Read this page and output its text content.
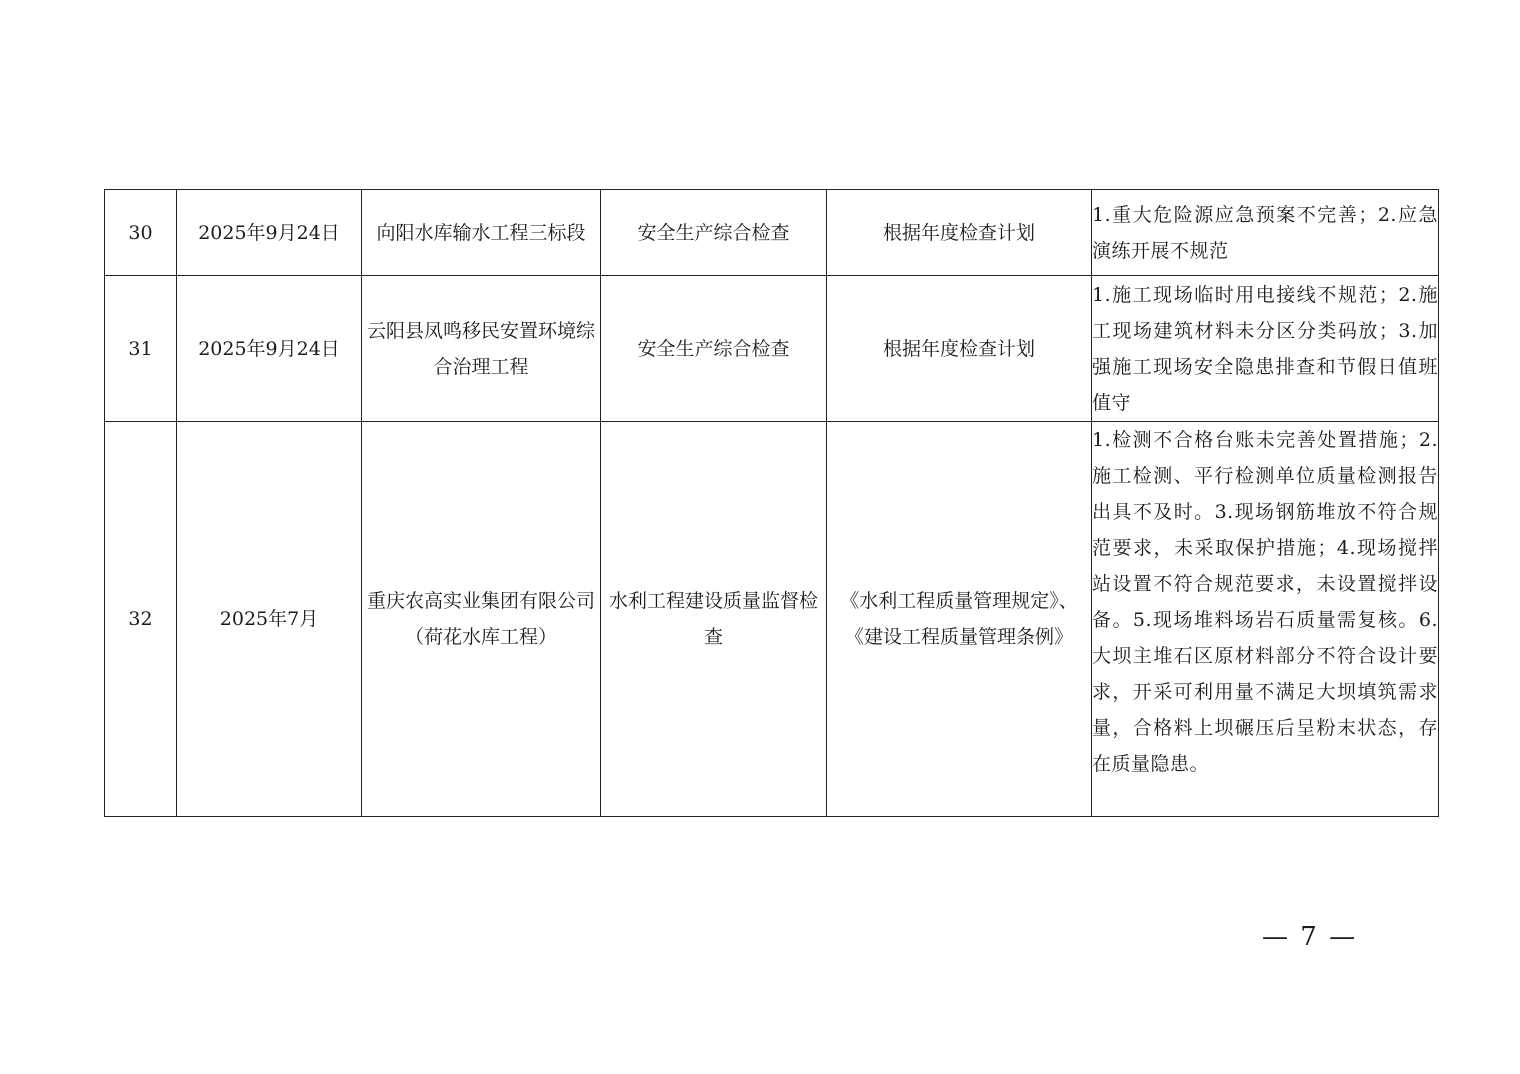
30	2025年9月24日	向阳水库输水工程三标段	安全生产综合检查	根据年度检查计划	1.重大危险源应急预案不完善；2.应急演练开展不规范

31	2025年9月24日	云阳县凤鸣移民安置环境综合治理工程	安全生产综合检查	根据年度检查计划	1.施工现场临时用电接线不规范；2.施工现场建筑材料未分区分类码放；3.加强施工现场安全隐患排查和节假日值班值守

32	2025年7月	重庆农高实业集团有限公司（荷花水库工程）	水利工程建设质量监督检查	《水利工程质量管理规定》、《建设工程质量管理条例》	1.检测不合格台账未完善处置措施；2.施工检测、平行检测单位质量检测报告出具不及时。3.现场钢筋堆放不符合规范要求，未采取保护措施；4.现场搅拌站设置不符合规范要求，未设置搅拌设备。5.现场堆料场岩石质量需复核。6.大坝主堆石区原材料部分不符合设计要求，开采可利用量不满足大坝填筑需求量，合格料上坝碾压后呈粉末状态，存在质量隐患。
— 7 —
